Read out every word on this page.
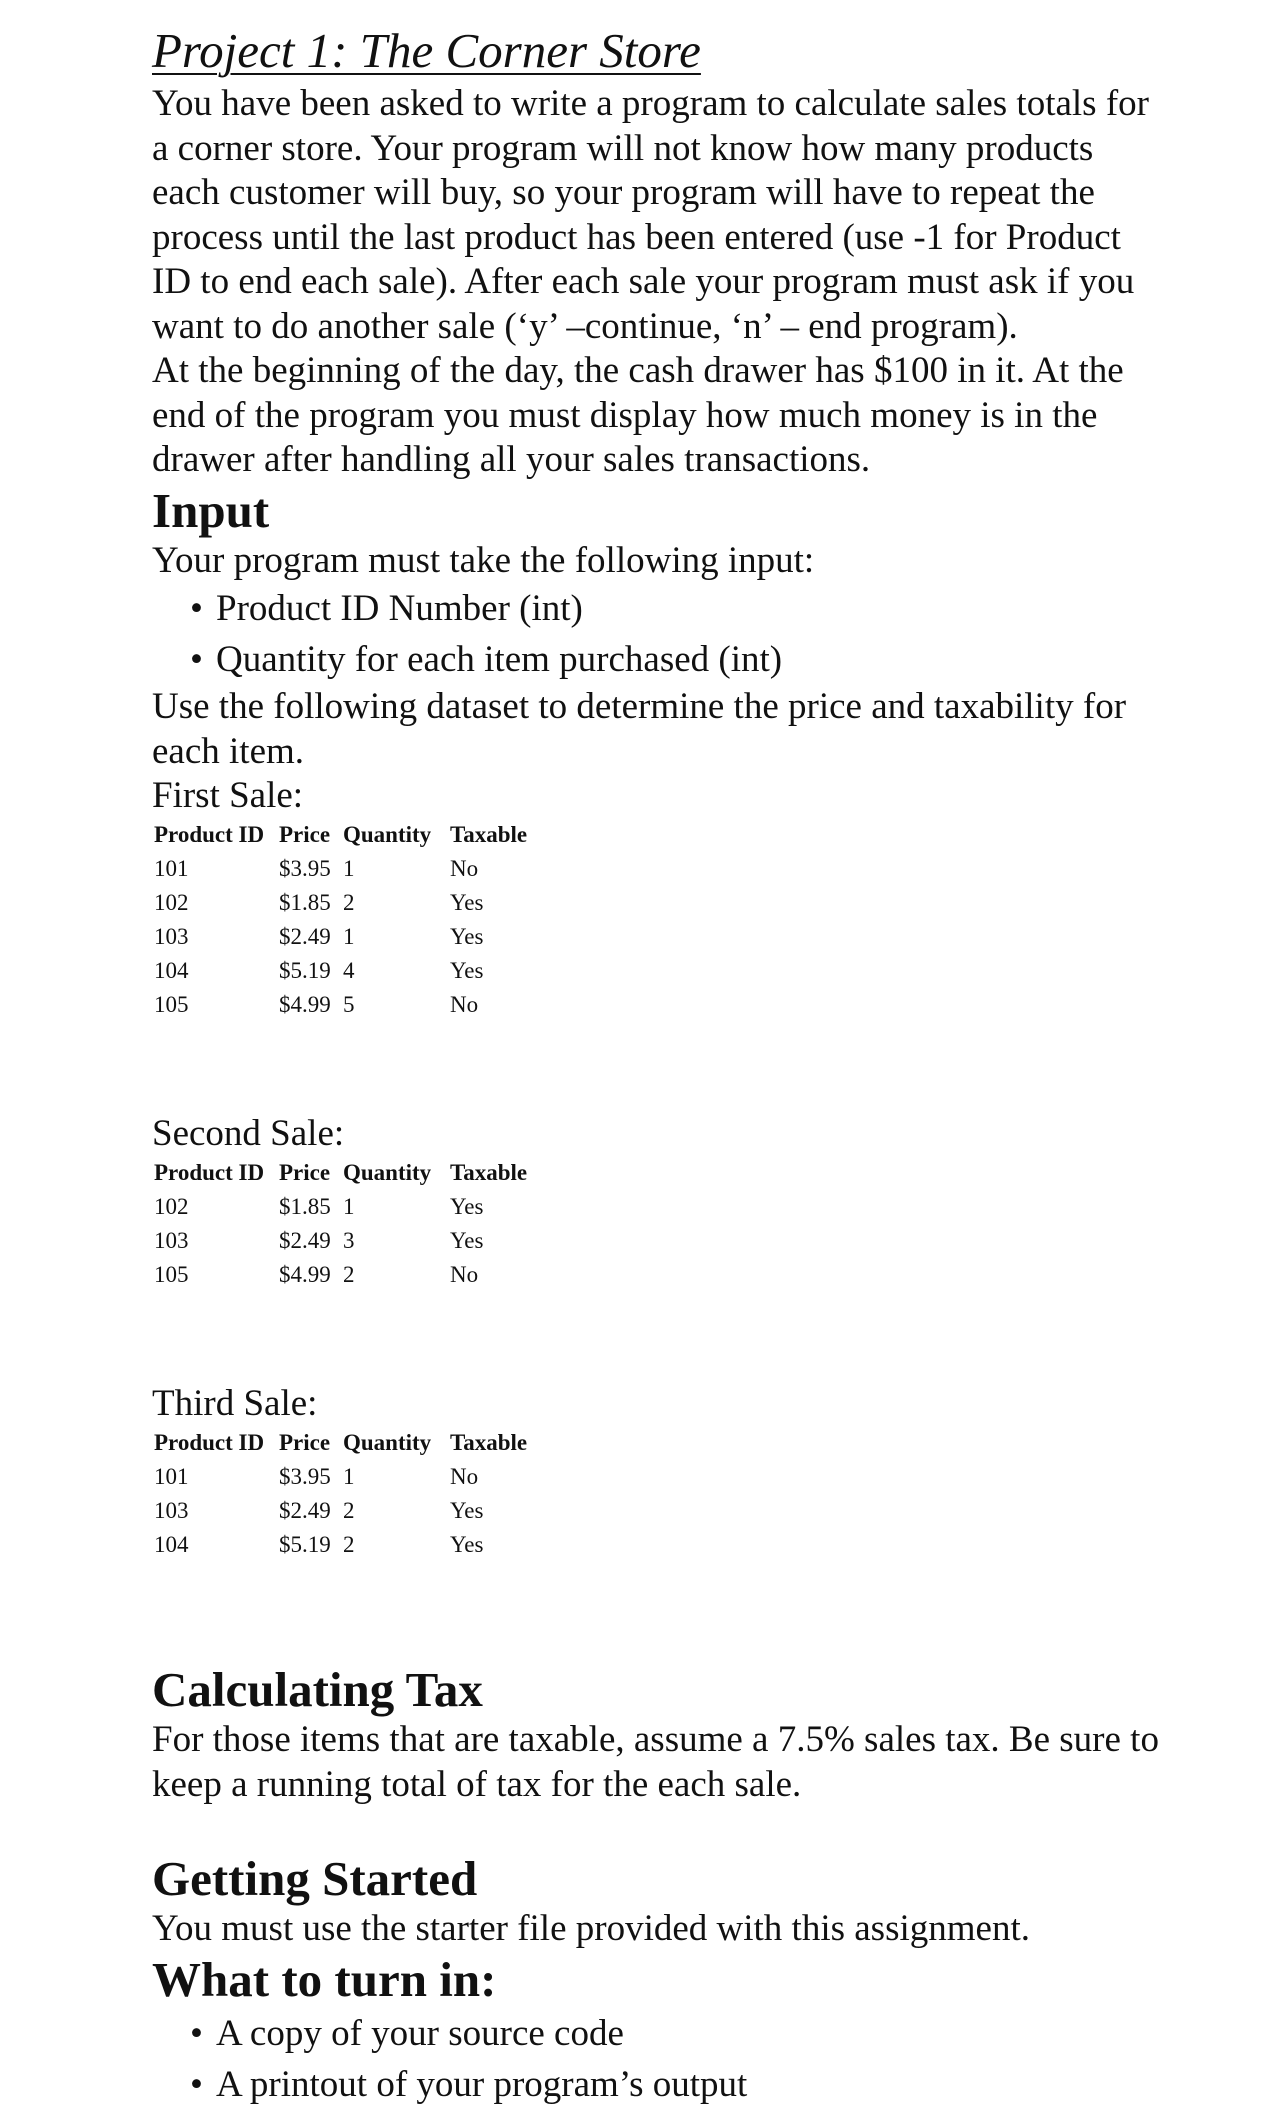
Project 1: The Corner Store

You have been asked to write a program to calculate sales totals for a corner store. Your program will not know how many products each customer will buy, so your program will have to repeat the process until the last product has been entered (use -1 for Product ID to end each sale). After each sale your program must ask if you want to do another sale (‘y’ –continue, ‘n’ – end program).

At the beginning of the day, the cash drawer has $100 in it. At the end of the program you must display how much money is in the drawer after handling all your sales transactions.

Input

Your program must take the following input:

• Product ID Number (int)
• Quantity for each item purchased (int)

Use the following dataset to determine the price and taxability for each item.

First Sale:

Product ID	Price	Quantity	Taxable
101	$3.95	1	No
102	$1.85	2	Yes
103	$2.49	1	Yes
104	$5.19	4	Yes
105	$4.99	5	No

Second Sale:

Product ID	Price	Quantity	Taxable
102	$1.85	1	Yes
103	$2.49	3	Yes
105	$4.99	2	No

Third Sale:

Product ID	Price	Quantity	Taxable
101	$3.95	1	No
103	$2.49	2	Yes
104	$5.19	2	Yes
Calculating Tax

For those items that are taxable, assume a 7.5% sales tax. Be sure to keep a running total of tax for the each sale.

Getting Started

You must use the starter file provided with this assignment.

What to turn in:
• A copy of your source code
• A printout of your program’s output
